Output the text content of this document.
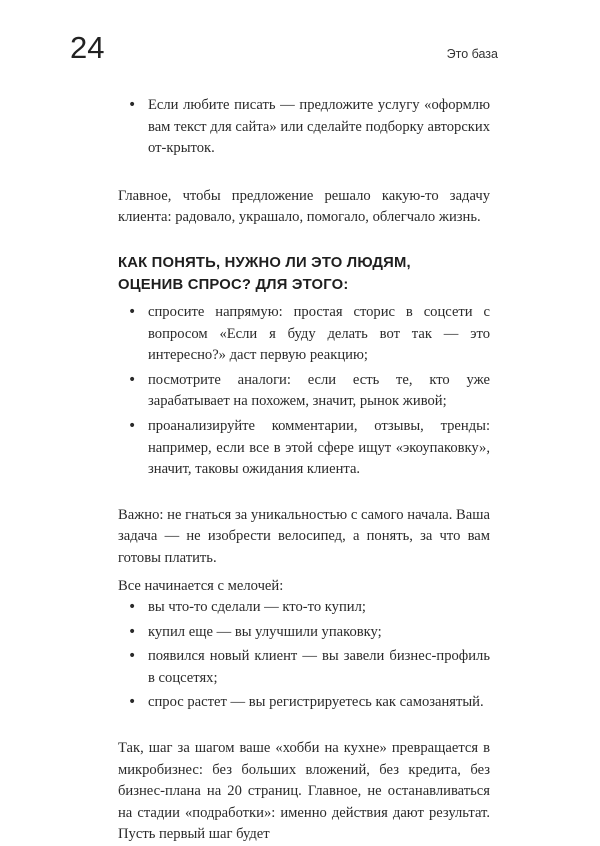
24	Это база
• Если любите писать — предложите услугу «оформлю вам текст для сайта» или сделайте подборку авторских от-крыток.

Главное, чтобы предложение решало какую-то задачу клиента: радовало, украшало, помогало, облегчало жизнь.

КАК ПОНЯТЬ, НУЖНО ЛИ ЭТО ЛЮДЯМ,
ОЦЕНИВ СПРОС? ДЛЯ ЭТОГО:
• спросите напрямую: простая сторис в соцсети с вопросом «Если я буду делать вот так — это интересно?» даст первую реакцию;
• посмотрите аналоги: если есть те, кто уже зарабатывает на похожем, значит, рынок живой;
• проанализируйте комментарии, отзывы, тренды: например, если все в этой сфере ищут «экоупаковку», значит, таковы ожидания клиента.

Важно: не гнаться за уникальностью с самого начала. Ваша задача — не изобрести велосипед, а понять, за что вам готовы платить.

Все начинается с мелочей:

• вы что-то сделали — кто-то купил;
• купил еще — вы улучшили упаковку;
• появился новый клиент — вы завели бизнес-профиль в соцсетях;
• спрос растет — вы регистрируетесь как самозанятый.

Так, шаг за шагом ваше «хобби на кухне» превращается в микробизнес: без больших вложений, без кредита, без бизнес-плана на 20 страниц. Главное, не останавливаться на стадии «подработки»: именно действия дают результат. Пусть первый шаг будет
